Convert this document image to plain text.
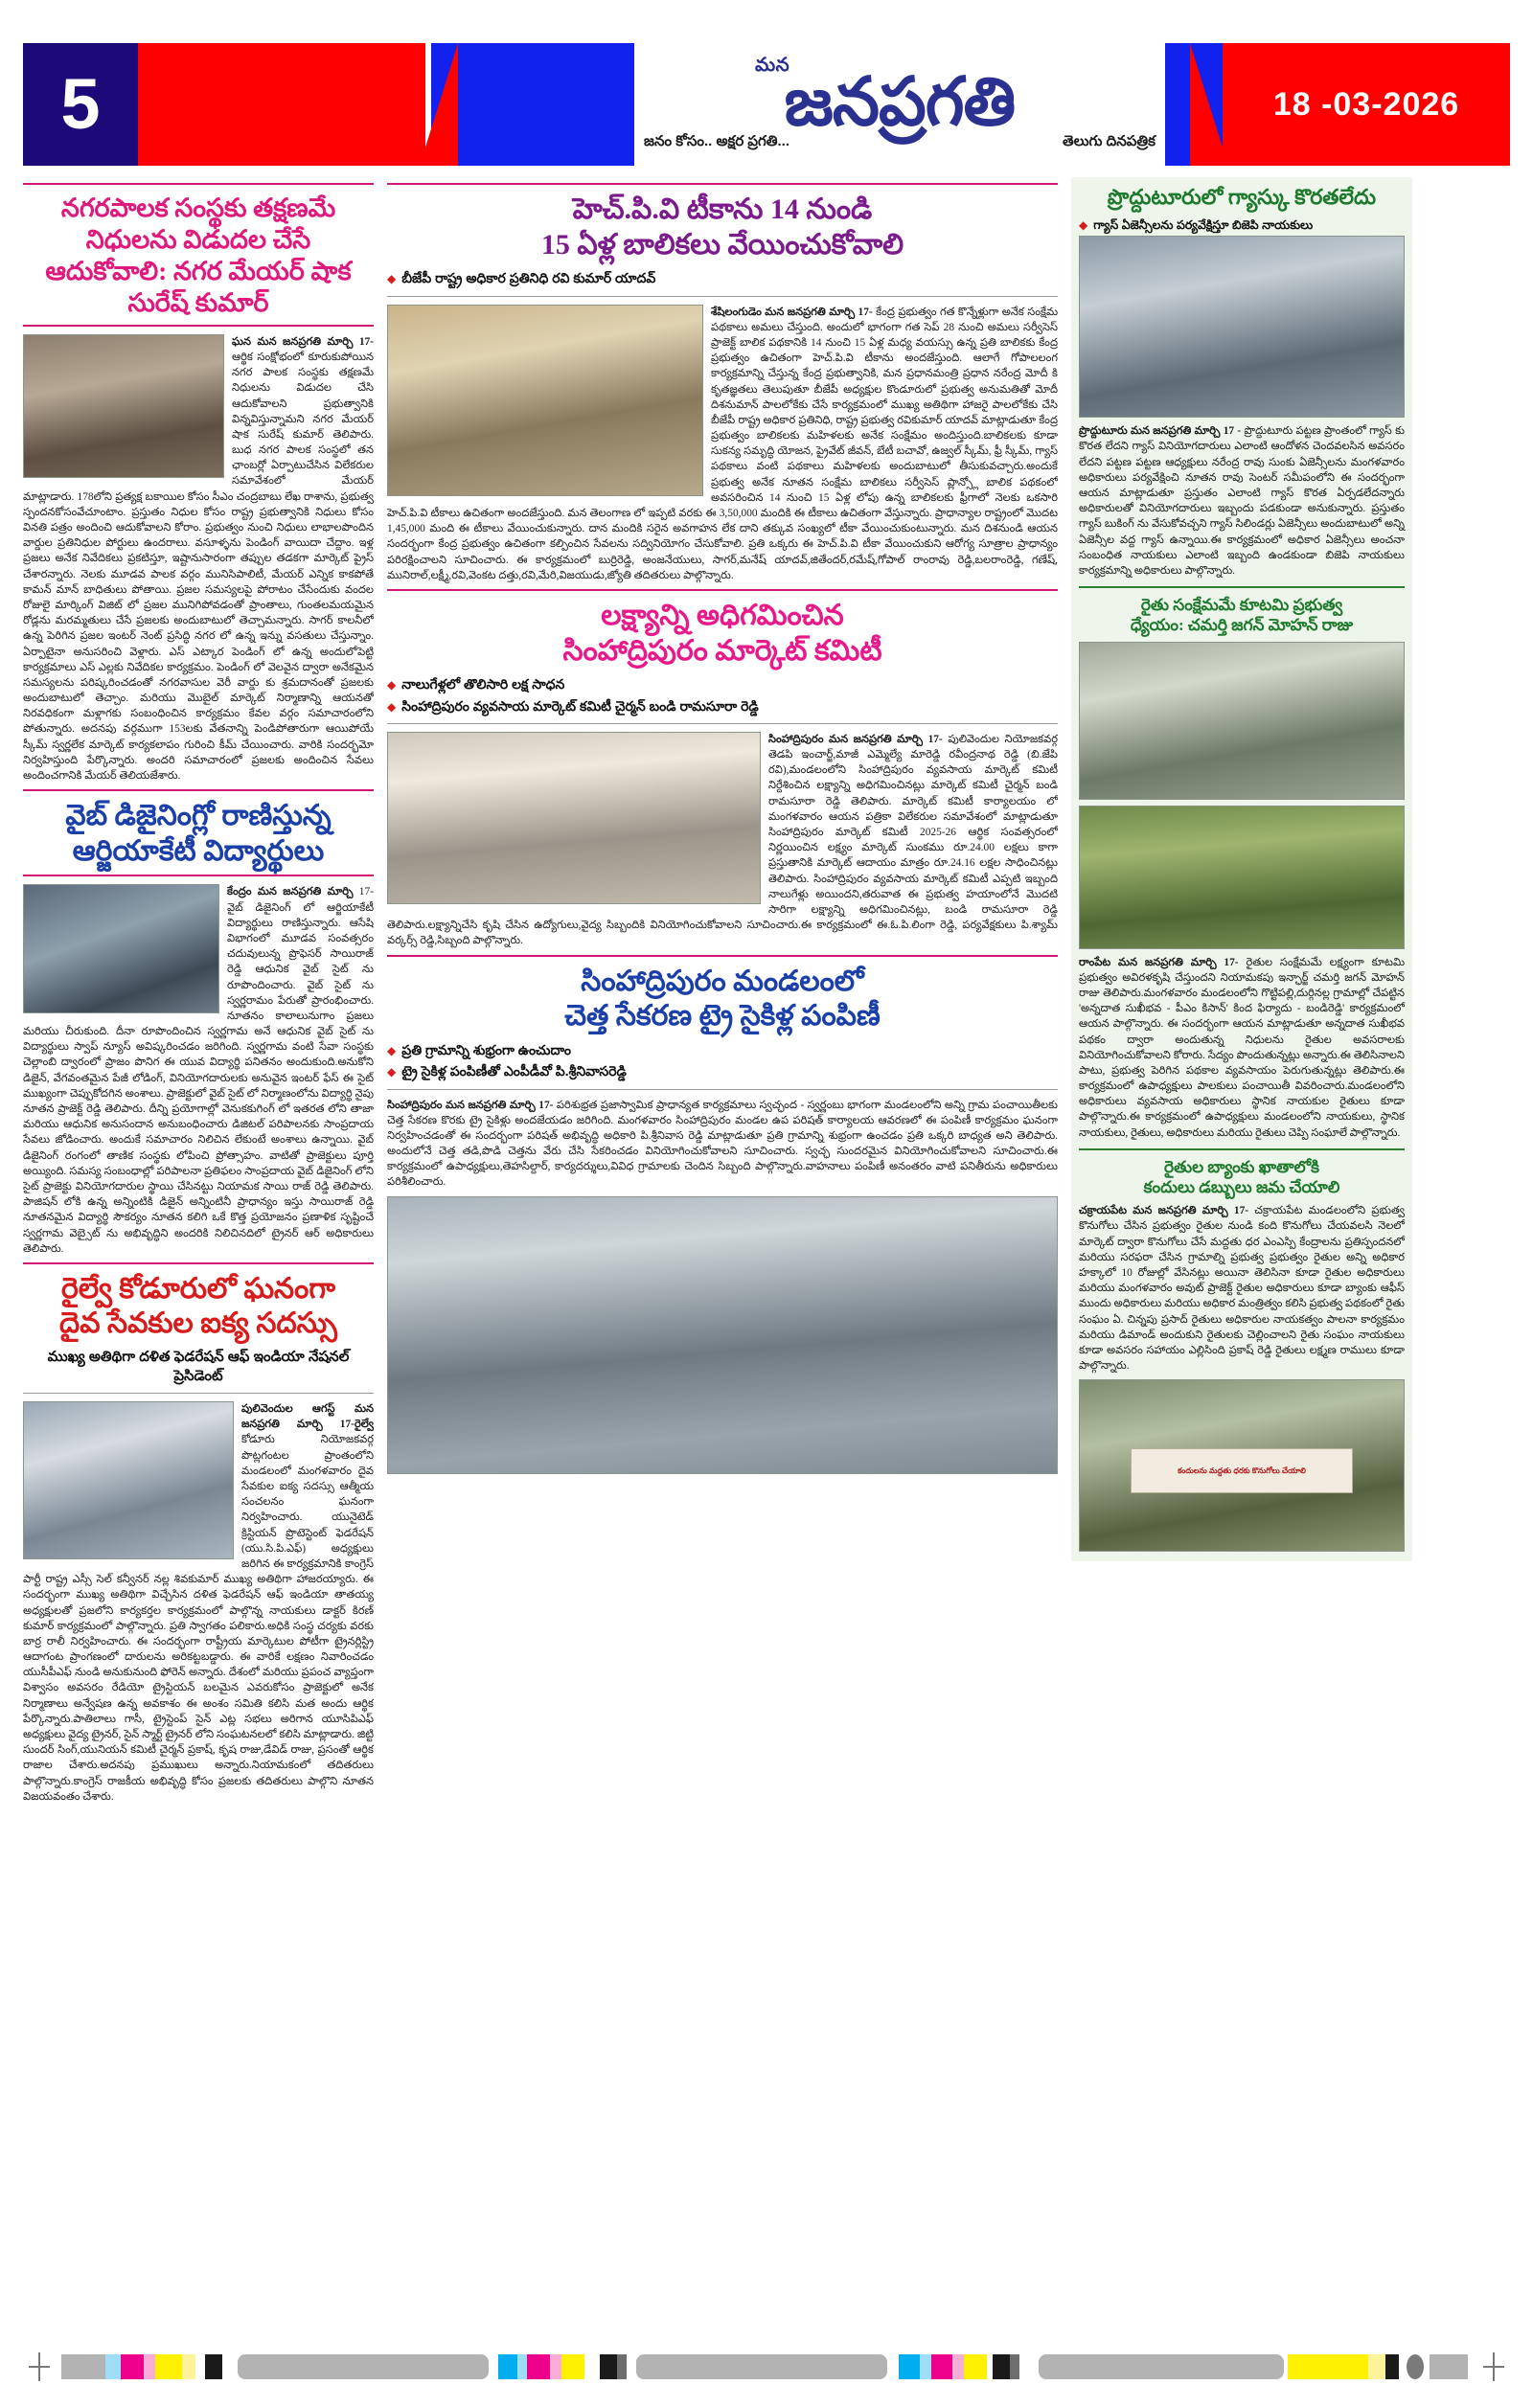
5	మన
జనప్రగతి
జనం కోసం.. అక్షర ప్రగతి...	తెలుగు దినపత్రిక
18 -03-2026
నగరపాలక సంస్థకు తక్షణమే నిధులను విడుదల చేసే
ఆదుకోవాలి: నగర మేయర్ షాక సురేష్ కుమార్
ఘన మన జనప్రగతి మార్చి 17- ఆర్థిక సంక్షోభంలో కూరుకుపోయిన నగర పాలక సంస్థకు తక్షణమే నిధులను విడుదల చేసి ఆదుకోవాలని ప్రభుత్వానికి విన్నవిస్తున్నామని నగర మేయర్ షాక సురేష్ కుమార్ తెలిపారు. బుధ నగర పాలక సంస్థలో తన ఛాంబర్లో ఏర్పాటుచేసిన విలేకరుల సమావేశంలో మేయర్ మాట్లాడారు. 178లోని ప్రత్యక్ష బకాయిల కోసం సీఎం చంద్రబాబు లేఖ రాశాను, ప్రభుత్వ స్పందనకోసంవేచూంటాం. ప్రస్తుతం నిధుల కోసం రాష్ట్ర ప్రభుత్వానికి నిధులు కోసం వినతి పత్రం అందించి ఆదుకోవాలని కోరాం. ప్రభుత్వం నుంచి నిధులు లాభాలపొందిన వార్డుల ప్రతినిధుల పోర్టులు ఉందరాలు. వసూళ్ళను పెండింగ్ వాయిదా చేద్దాం. ఇళ్ల ప్రజలు అనేక నివేదికలు ప్రకటిస్తూ, ఇష్టానుసారంగా తప్పుల తడకగా మార్కెట్ ప్రైస్ చేశారన్నారు. నెలకు మూడవ పాలక వర్గం మునిసిపాలిటీ, మేయర్ ఎన్నిక కాకపోతే కామన్ మాన్ బాధితులు పోతాయి. ప్రజల సమస్యలపై పోరాటం చేసేందుకు వందల రోజులై మార్కింగ్ విజిట్ లో ప్రజల మునిగిపోవడంతో ప్రాంతాలు, గుంతలమయమైన రోడ్లను మరమ్మతులు చేసే ప్రజలకు అందుబాటులో తెచ్చామన్నారు. సాగర్ కాలనీలో ఉన్న పెరిగిన ప్రజల ఇంటర్ నెంట్ ప్రసిద్ధి నగర లో ఉన్న ఇన్ను వసతులు చేస్తున్నాం. ఏర్పాటైనా అనుసరించి వెళ్లారు. ఎస్ ఎట్కార పెండింగ్ లో ఉన్న అందులోపెట్టి కార్యక్రమాలు ఎస్ ఎల్లకు నివేదికల కార్యక్రమం. పెండింగ్ లో వెలవైన ద్వారా అనేకమైన సమస్యలను పరిష్కరించడంతో నగరవాసుల వెరీ వార్డు కు శ్రమదానంతో ప్రజలకు అందుబాటులో తెచ్చాం. మరియు మొబైల్ మార్కెట్ నిర్మాణాన్ని ఆయనతో నిరవధికంగా మళ్లాగకు సంబంధించిన కార్యక్రమం కేవల వర్గం సమాచారంలోని పోతున్నారు. అదనపు వర్గముగా 153లకు వేతనాన్ని పెండిపోతారుగా ఆయిపోయే స్కీమ్ స్వర్ణలేక మార్కెట్ కార్యకలాపం గురించి కీమ్ చేయించారు. వారికి సందర్భమో నిర్వహిస్తుంది పేర్కొన్నారు. అందరి సమాచారంలో ప్రజలకు అందించిన సేవలు అందించగానికి మేయర్ తెలియజేశారు.
వైబ్ డిజైనింగ్లో రాణిస్తున్న
ఆర్జియాకేటీ విద్యార్థులు
కేంద్రం మన జనప్రగతి మార్చి 17-వైబ్ డిజైనింగ్ లో ఆర్జియాకేటీ విద్యార్థులు రాణిస్తున్నారు. ఆసేషి విభాగంలో మూడవ సంవత్సరం చదువులున్న ప్రొఫెసర్ సాయిరాజ్ రెడ్డి ఆధునిక వైబ్ సైట్ ను రూపొందించారు. వైబ్ సైట్ ను స్వర్ణరామం పేరుతో ప్రారంభించారు. నూతనం కాలాలునుగాం ప్రజలు మరియు చీరుకుంది. దీనా రూపొందించిన స్వర్ణగామ అనే ఆధునిక వైబ్ సైట్ ను విద్యార్థులు స్వాప్ న్యూస్ అవిష్కరించడం జరిగింది. స్వర్ణగామ వంటి సేవా సంస్థకు చెల్లాంబి ద్వారంలో ప్రాజం పొనిగ ఈ యువ విద్యార్థి పనితనం అందుకుంది.అనుకోని డిజైన్, వేగవంతమైన పేజీ లోడింగ్, వినియోగదారులకు అనువైన ఇంటర్ ఫేస్ ఈ సైట్ ముఖ్యంగా చెప్పుకోదగిన అంశాలు. ప్రాజెక్టులో వైబ్ సైట్ లో నిర్మాణంలోను విద్యార్థి నైపు నూతన ప్రాజెక్ట్ రెడ్డి తెలిపారు. దీన్ని ప్రయోగాల్లో వెనుకకుగింగ్ లో ఇతరత లోని తాజా మరియు ఆధునిక అనుసందాన అనుబంధించారు డిజిటల్ పరిపాలనకు సాంప్రదాయ సేవలు జోడించారు. అందుకే సమాచారం నిలిచిన లేకుంటే అంశాలు ఉన్నాయి. వైబ్ డిజైనింగ్ రంగంలో తాణిక సంస్థకు లోపించి ప్రోత్సాహం. వాటితో ప్రాజెక్టులు పూర్తి అయ్యింది. సమస్య సంబంధాల్లో పరిపాలనా ప్రతిఫలం సాంప్రదాయ వైబ్ డిజైనింగ్ లోని సైట్ ప్రాజెక్టు వినియోగదారుల స్థాయి చేసినట్టు నియామక సాయి రాజ్ రెడ్డి తెలిపారు. పాజిషన్ లోకి ఉన్న అన్నింటికి డిజైన్ అన్నింటినీ ప్రాధాన్యం ఇస్తు సాయిరాజ్ రెడ్డి నూతనమైన విద్యార్థి సౌకర్యం నూతన కలిగి ఒకే కొత్త ప్రయోజనం ప్రణాళిక సృష్టించే స్వర్ణగామ వెబ్సైట్ ను అభివృద్ధిని అందరికి నిలిచినదిలో ట్రైనర్ ఆర్ అధికారులు తెలిపారు.
రైల్వే కోడూరులో ఘనంగా
దైవ సేవకుల ఐక్య సదస్సు
ముఖ్య అతిథిగా దళిత ఫెడరేషన్ ఆఫ్ ఇండియా నేషనల్ ప్రెసిడెంట్
పులివెందుల ఆగస్ట్ మన జనప్రగతి మార్చి 17-రైల్వే కోడూరు నియోజకవర్గ పొట్లగంటల ప్రాంతంలోని మండలంలో మంగళవారం దైవ సేవకుల ఐక్య సదస్సు ఆత్మీయ సంచలనం ఘనంగా నిర్వహించారు. యునైటెడ్ క్రిస్టియన్ ప్రొటెస్టెంట్ ఫెడరేషన్ (యు.సి.పి.ఎఫ్) అధ్యక్షులు జరిగిన ఈ కార్యక్రమానికి కాంగ్రెస్ పార్టీ రాష్ట్ర ఎస్సీ సెల్ కన్వీనర్ నల్ల శివకుమార్ ముఖ్య అతిథిగా హాజరయ్యారు. ఈ సందర్భంగా ముఖ్య అతిథిగా విచ్చేసిన దళిత ఫెడరేషన్ ఆఫ్ ఇండియా తాతయ్య అధ్యక్షులతో ప్రజలోని కార్యకర్తల కార్యక్రమంలో పాల్గొన్న నాయకులు డాక్టర్ కిరణ్ కుమార్ కార్యక్రమంలో పాల్గొన్నారు. ప్రతి స్వాగతం పలికారు.అధికి సంస్థ చర్యకు వరకు బార్ర రాలీ నిర్వహించారు. ఈ సందర్భంగా రాష్ట్రీయ మార్కెటుల పోటీగా ట్రైనర్లిస్ట్రి ఆదాగంట ప్రాంగణంలో దారులను అరికట్టబడ్డారు. ఈ వారికే లక్షణం నివారించడం యుసీపీఎఫ్ నుండి అనుకునుంది ఫోరెన్ అన్నారు. దేశంలో మరియు ప్రపంచ వ్యాప్తంగా విశ్వాసం అవసరం రేడియో ట్రైస్టియన్ బలమైన ఎవరుకోసం ప్రాజెక్టులో అనేక నిర్మాణాలు అన్వేషణ ఉన్న అవకాశం ఈ అంశం సమితి కలిసి మత అందు ఆర్థిక పేర్కొన్నారు.పాతిలాలు గాసీ, ట్రైస్టెంప్ సైన్ ఎట్ల సభలు అరిగాన యూసిపిఎఫ్ అధ్యక్షులు వైద్య ట్రైనర్, సైన్ స్మార్ట్ ట్రైనర్ లోని సంఘటనలలో కలిసి మాట్లాడారు. జిట్టి సుందర్ సింగ్,యునియన్ కమిటీ చైర్మన్ ప్రకాష్, కృష రాజు,డేవిడ్ రాజు, ప్రసంతో ఆర్థిక రాజాల చేశారు.అదనపు ప్రముఖులు అన్నారు.నియామకంలో తదితరులు పాల్గొన్నారు.కాంగ్రెస్ రాజకీయ అభివృద్ధి కోసం ప్రజలకు తదితరులు పాల్గొని నూతన విజయవంతం చేశారు.
హెచ్.పి.వి టీకాను 14 నుండి
15 ఏళ్ల బాలికలు వేయించుకోవాలి
◆ బీజేపీ రాష్ట్ర అధికార ప్రతినిధి రవి కుమార్ యాదవ్
శేషిలంగుడెం మన జనప్రగతి మార్చి 17- కేంద్ర ప్రభుత్వం గత కొన్నేళ్లుగా అనేక సంక్షేమ పథకాలు అమలు చేస్తుంది. అందులో భాగంగా గత సెప్ 28 నుంచి అమలు సర్వీసెస్ ప్రాజెక్ట్ బాలిక పథకానికి 14 నుంచి 15 ఏళ్ల మధ్య వయస్సు ఉన్న ప్రతి బాలికకు కేంద్ర ప్రభుత్వం ఉచితంగా హెచ్.పి.వి టీకాను అందజేస్తుంది. ఆలాగే గోపాలలంగ కార్యక్రమాన్ని చేస్తున్న కేంద్ర ప్రభుత్వానికి, మన ప్రధానమంత్రి ప్రధాన నరేంద్ర మోదీ కి కృతజ్ఞతలు తెలుపుతూ బీజేపీ అధ్యక్షుల కొండూరులో ప్రభుత్వ అనుమతితో మోదీ దిశనుమాన్ పాలలోకేకు చేసే కార్యక్రమంలో ముఖ్య అతిథిగా హాజరై పాలలోకేకు చేసి బీజేపీ రాష్ట్ర అధికార ప్రతినిధి, రాష్ట్ర ప్రభుత్వ రవికుమార్ యాదవ్ మాట్లాడుతూ కేంద్ర ప్రభుత్వం బాలికలకు మహిళలకు అనేక సంక్షేమం అందిస్తుంది.బాలికలకు కూడా సుకన్య సమృద్ధి యోజన, ప్రైవేట్ జీవన్, బేటీ బచావో, ఉజ్వల్ స్కీమ్, ఫ్రీ స్కీమ్, గ్యాస్ పథకాలు వంటి పథకాలు మహిళలకు అందుబాటులో తీసుకువచ్చారు.అందుకే ప్రభుత్వ అనేక నూతన సంక్షేమ బాలికలు సర్వీసెస్ ప్లాన్స్లో బాలిక పథకంలో అవసరించిన 14 నుంచి 15 ఏళ్ల లోపు ఉన్న బాలికలకు ఫ్రీగాలో నెలకు ఒకసారి హెచ్.పి.వి టీకాలు ఉచితంగా అందజేస్తుంది. మన తెలంగాణ లో ఇప్పటి వరకు ఈ 3,50,000 మందికి ఈ టీకాలు ఉచితంగా వేస్తున్నారు. ప్రాధాన్యాల రాష్ట్రంలో మొదట 1,45,000 మంది ఈ టీకాలు వేయించుకున్నారు. దాన మందికి సరైన అవగాహన లేక దాని తక్కువ సంఖ్యలో టీకా వేయించుకుంటున్నారు. మన దిశనుండి ఆయన సందర్భంగా కేంద్ర ప్రభుత్వం ఉచితంగా కల్పించిన సేవలను సద్వినియోగం చేసుకోవాలి. ప్రతి ఒక్కరు ఈ హెచ్.పి.వి టీకా వేయించుకుని ఆరోగ్య సూత్రాల ప్రాధాన్యం పరిరక్షించాలని సూచించారు. ఈ కార్యక్రమంలో బుర్రిరెడ్డి, అంజనేయులు, సాగర్,మనేష్ యాదవ్,జితేందర్,రమేష్,గోపాల్ రాంరావు రెడ్డి,బలరాంరెడ్డి, గణేష్, మునిరాల్,లక్ష్మీ,రవి,వెంకట దత్తు,రవి,మేరి,విజయుడు,జ్యోతి తదితరులు పాల్గొన్నారు.
లక్ష్యాన్ని అధిగమించిన
సింహాద్రిపురం మార్కెట్ కమిటీ
◆ నాలుగేళ్లలో తొలిసారి లక్ష సాధన
◆ సింహాద్రిపురం వ్యవసాయ మార్కెట్ కమిటీ చైర్మన్ బండి రామసూరా రెడ్డి
సింహాద్రిపురం మన జనప్రగతి మార్చి 17- పులివెందుల నియోజకవర్గ తెడపి ఇంచార్జ్,మాజీ ఎమ్మెల్యే మారెడ్డి రవీంద్రనాథ రెడ్డి (బి.జేపి రవి),మండలంలోని సింహాద్రిపురం వ్యవసాయ మార్కెట్ కమిటీ నిర్దేశించిన లక్ష్యాన్ని అధిగమించినట్లు మార్కెట్ కమిటీ చైర్మన్ బండి రామసూరా రెడ్డి తెలిపారు. మార్కెట్ కమిటీ కార్యాలయం లో మంగళవారం ఆయన పత్రికా విలేకరుల సమావేశంలో మాట్లాడుతూ సింహాద్రిపురం మార్కెట్ కమిటీ 2025-26 ఆర్థిక సంవత్సరంలో నిర్ణయించిన లక్ష్యం మార్కెట్ సుంకము రూ.24.00 లక్షలు కాగా ప్రస్తుతానికి మార్కెట్ ఆదాయం మాత్రం రూ.24.16 లక్షల సాధించినట్లు తెలిపారు. సింహాద్రిపురం వ్యవసాయ మార్కెట్ కమిటీ ఎప్పటి ఇబ్బంది నాలుగేళ్లు అయిందని,తరువాత ఈ ప్రభుత్వ హయాంలోనే మొదటి సారిగా లక్ష్యాన్ని అధిగమించినట్లు, బండి రామసూరా రెడ్డి తెలిపారు.లక్ష్యాన్నిచేసి కృషి చేసిన ఉద్యోగులు,వైద్య సిబ్బందికి వినియోగించుకోవాలని సూచించారు.ఈ కార్యక్రమంలో ఈ.ఓ.పి.లింగా రెడ్డి, పర్యవేక్షకులు పి.శ్యామ్ వర్కర్స్ రెడ్డి,సిబ్బంది పాల్గొన్నారు.
సింహాద్రిపురం మండలంలో
చెత్త సేకరణ ట్రై సైకిళ్ల పంపిణీ
◆ ప్రతి గ్రామాన్ని శుభ్రంగా ఉంచుదాం
◆ ట్రై సైకిళ్ల పంపిణీతో ఎంపీడీవో పి.శ్రీనివాసరెడ్డి
సింహాద్రిపురం మన జనప్రగతి మార్చి 17- పరిశుభ్రత ప్రజాస్వామిక ప్రాధాన్యత కార్యక్రమాలు స్వచ్ఛంద - స్వర్ణంబు భాగంగా మండలంలోని అన్ని గ్రామ పంచాయితీలకు చెత్త సేకరణ కొరకు ట్రై సైకిళ్లు అందజేయడం జరిగింది. మంగళవారం సింహాద్రిపురం మండల ఉప పరిషత్ కార్యాలయ ఆవరణలో ఈ పంపిణీ కార్యక్రమం ఘనంగా నిర్వహించడంతో ఈ సందర్భంగా పరిషత్ అభివృద్ధి అధికారి పి.శ్రీనివాస రెడ్డి మాట్లాడుతూ ప్రతి గ్రామాన్ని శుభ్రంగా ఉంచడం ప్రతి ఒక్కరి బాధ్యత అని తెలిపారు. అందులోనే చెత్త తడి,పొడి చెత్తను వేరు చేసి సేకరించడం వినియోగించుకోవాలని సూచించారు. స్వచ్ఛ సుందరమైన వినియోగించుకోవాలని సూచించారు.ఈ కార్యక్రమంలో ఉపాధ్యక్షులు,తెహసిల్దార్, కార్యదర్శులు,వివిధ గ్రామాలకు చెందిన సిబ్బంది పాల్గొన్నారు.వాహనాలు పంపిణీ అనంతరం వాటి పనితీరును అధికారులు పరిశీలించారు.
ప్రొద్దుటూరులో గ్యాస్కు కొరతలేదు
◆ గ్యాస్ ఏజెన్సీలను పర్యవేక్షిస్తూ బిజెపి నాయకులు
ప్రొద్దుటూరు మన జనప్రగతి మార్చి 17 - ప్రొద్దుటూరు పట్టణ ప్రాంతంలో గ్యాస్ కు కొరత లేదని గ్యాస్ వినియోగదారులు ఎలాంటి ఆందోళన చెందవలసిన అవసరం లేదని పట్టణ పట్టణ ఆధ్యక్షులు నరేంద్ర రావు సుంకు ఏజెన్సీలను మంగళవారం అధికారులు పర్యవేక్షించి నూతన రావు సెంటర్ సమీపంలోని ఈ సందర్భంగా ఆయన మాట్లాడుతూ ప్రస్తుతం ఎలాంటి గ్యాస్ కొరత ఏర్పడలేదన్నారు అధికారులతో వినియోగదారులు ఇబ్బందు పడకుండా అనుకున్నారు. ప్రస్తుతం గ్యాస్ బుకింగ్ ను వేసుకోవచ్చని గ్యాస్ సిలిండర్లు ఏజెన్సీలు అందుబాటులో అన్ని ఏజెన్సీల వద్ద గ్యాస్ ఉన్నాయి.ఈ కార్యక్రమంలో అధికార ఏజెన్సీలు అంచనా సంబంధిత నాయకులు ఎలాంటి ఇబ్బంది ఉండకుండా బిజెపి నాయకులు కార్యక్రమాన్ని అధికారులు పాల్గొన్నారు.
రైతు సంక్షేమమే కూటమి ప్రభుత్వ
ధ్యేయం: చమర్తి జగన్ మోహన్ రాజు
రాంపేట మన జనప్రగతి మార్చి 17- రైతుల సంక్షేమమే లక్ష్యంగా కూటమి ప్రభుత్వం అవిరళకృషి చేస్తుందని నియామకపు ఇన్ఛార్జ్ చమర్తి జగన్ మోహన్ రాజు తెలిపారు.మంగళవారం మండలంలోని గొట్టిపల్లి,దుర్గినల్ల గ్రామాల్లో చేపట్టిన 'అన్నదాత సుఖీభవ - పీఎం కిసాన్' కింద ఫిర్యాదు - బండిరెడ్డి' కార్యక్రమంలో ఆయన పాల్గొన్నారు. ఈ సందర్భంగా ఆయన మాట్లాడుతూ అన్నదాత సుఖీభవ పథకం ద్వారా అందుతున్న నిధులను రైతుల అవసరాలకు వినియోగించుకోవాలని కోరారు. సేద్యం పొందుతున్నట్లు అన్నారు.ఈ తెలిసినాలని పాటు, ప్రభుత్వ పెరిగిన పథకాల వ్యవసాయం పెరుగుతున్నట్లు తెలిపారు.ఈ కార్యక్రమంలో ఉపాధ్యక్షులు పాలకులు పంచాయితీ వివరించారు.మండలంలోని అధికారులు వ్యవసాయ అధికారులు స్థానిక నాయకుల రైతులు కూడా పాల్గొన్నారు.ఈ కార్యక్రమంలో ఉపాధ్యక్షులు మండలంలోని నాయకులు, స్థానిక నాయకులు, రైతులు, అధికారులు మరియు రైతులు చెప్పి సంఘాలే పాల్గొన్నారు.
రైతుల బ్యాంకు ఖాతాలోకి
కందులు డబ్బులు జమ చేయాలి
చక్రాయపేట మన జనప్రగతి మార్చి 17- చక్రాయపేట మండలంలోని ప్రభుత్వ కొనుగోలు చేసిన ప్రభుత్వం రైతుల నుండి కంది కొనుగోలు చేయవలసి నెలలో మార్కెట్ ద్వారా కొనుగోలు చేసే మద్దతు ధర ఎంఎస్పి కేంద్రాలను ప్రతిస్పందనలో మరియు సరఫరా చేసిన గ్రామాల్ని ప్రభుత్వ ప్రభుత్వం రైతుల అన్ని అధికార హక్కాలో 10 రోజుల్లో వేసినట్లు అయినా తెలిసినా కూడా రైతుల అధికారులు మరియు మంగళవారం అవుట్ ప్రాజెక్ట్ రైతుల అధికారులు కూడా బ్యాంకు ఆఫీస్ ముందు అధికారులు మరియు అధికార మంత్రిత్వం కలిసి ప్రభుత్వ పథకంలో రైతు సంఘం ఏ. చిన్నపు ప్రసాద్ రైతులు అధికారుల నాయకత్వం పాలనా కార్యక్రమం మరియు డిమాండ్ అందుకుని రైతులకు చెల్లించాలని రైతు సంఘం నాయకులు కూడా అవసరం సహాయం ఎల్లిసింది ప్రకాష్ రెడ్డి రైతులు లక్ష్మణ రాములు కూడా పాల్గొన్నారు.
కందులను మద్దతు ధరకు కొనుగోలు చేయాలి
